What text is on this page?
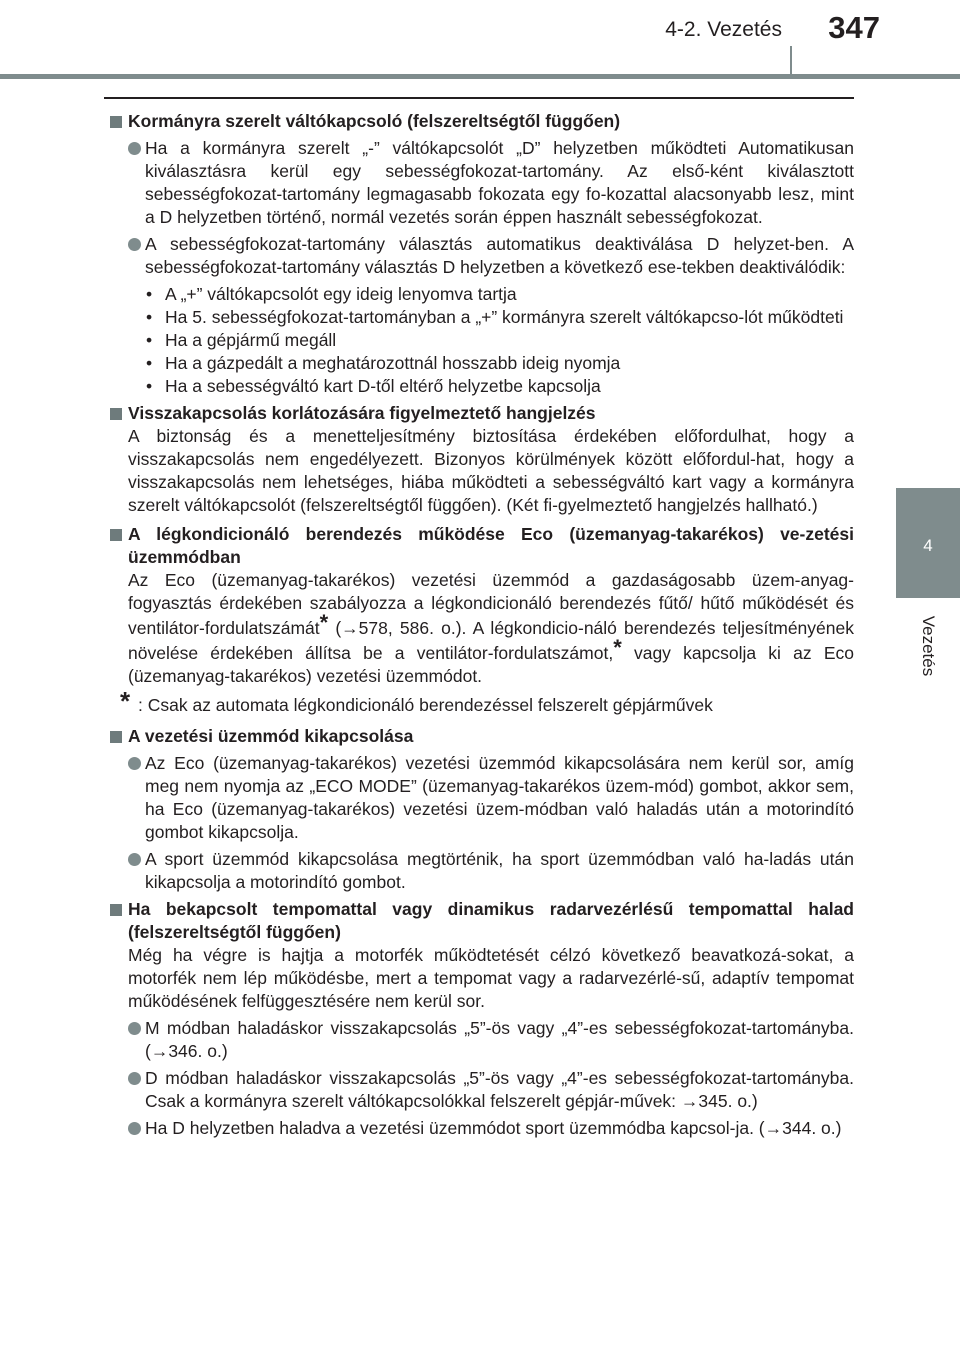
4-2. Vezetés	347
4
Vezetés
Kormányra szerelt váltókapcsoló (felszereltségtől függően)
Ha a kormányra szerelt „-” váltókapcsolót „D” helyzetben működteti Automatikusan kiválasztásra kerül egy sebességfokozat-tartomány. Az első-ként kiválasztott sebességfokozat-tartomány legmagasabb fokozata egy fo-kozattal alacsonyabb lesz, mint a D helyzetben történő, normál vezetés során éppen használt sebességfokozat.
A sebességfokozat-tartomány választás automatikus deaktiválása D helyzet-ben. A sebességfokozat-tartomány választás D helyzetben a következő ese-tekben deaktiválódik:
• A „+” váltókapcsolót egy ideig lenyomva tartja
• Ha 5. sebességfokozat-tartományban a „+” kormányra szerelt váltókapcso-lót működteti
• Ha a gépjármű megáll
• Ha a gázpedált a meghatározottnál hosszabb ideig nyomja
• Ha a sebességváltó kart D-től eltérő helyzetbe kapcsolja
Visszakapcsolás korlátozására figyelmeztető hangjelzés
A biztonság és a menetteljesítmény biztosítása érdekében előfordulhat, hogy a visszakapcsolás nem engedélyezett. Bizonyos körülmények között előfordul-hat, hogy a visszakapcsolás nem lehetséges, hiába működteti a sebességváltó kart vagy a kormányra szerelt váltókapcsolót (felszereltségtől függően). (Két fi-gyelmeztető hangjelzés hallható.)
A légkondicionáló berendezés működése Eco (üzemanyag-takarékos) ve-zetési üzemmódban
Az Eco (üzemanyag-takarékos) vezetési üzemmód a gazdaságosabb üzem-anyag-fogyasztás érdekében szabályozza a légkondicionáló berendezés fűtő/ hűtő működését és ventilátor-fordulatszámát* (→578, 586. o.). A légkondicio-náló berendezés teljesítményének növelése érdekében állítsa be a ventilátor-fordulatszámot,* vagy kapcsolja ki az Eco (üzemanyag-takarékos) vezetési üzemmódot.
* : Csak az automata légkondicionáló berendezéssel felszerelt gépjárművek
A vezetési üzemmód kikapcsolása
Az Eco (üzemanyag-takarékos) vezetési üzemmód kikapcsolására nem kerül sor, amíg meg nem nyomja az „ECO MODE” (üzemanyag-takarékos üzem-mód) gombot, akkor sem, ha Eco (üzemanyag-takarékos) vezetési üzem-módban való haladás után a motorindító gombot kikapcsolja.
A sport üzemmód kikapcsolása megtörténik, ha sport üzemmódban való ha-ladás után kikapcsolja a motorindító gombot.
Ha bekapcsolt tempomattal vagy dinamikus radarvezérlésű tempomattal halad (felszereltségtől függően)
Még ha végre is hajtja a motorfék működtetését célzó következő beavatkozá-sokat, a motorfék nem lép működésbe, mert a tempomat vagy a radarvezérlé-sű, adaptív tempomat működésének felfüggesztésére nem kerül sor.
M módban haladáskor visszakapcsolás „5”-ös vagy „4”-es sebességfokozat-tartományba. (→346. o.)
D módban haladáskor visszakapcsolás „5”-ös vagy „4”-es sebességfokozat-tartományba. Csak a kormányra szerelt váltókapcsolókkal felszerelt gépjár-művek: →345. o.)
Ha D helyzetben haladva a vezetési üzemmódot sport üzemmódba kapcsol-ja. (→344. o.)
